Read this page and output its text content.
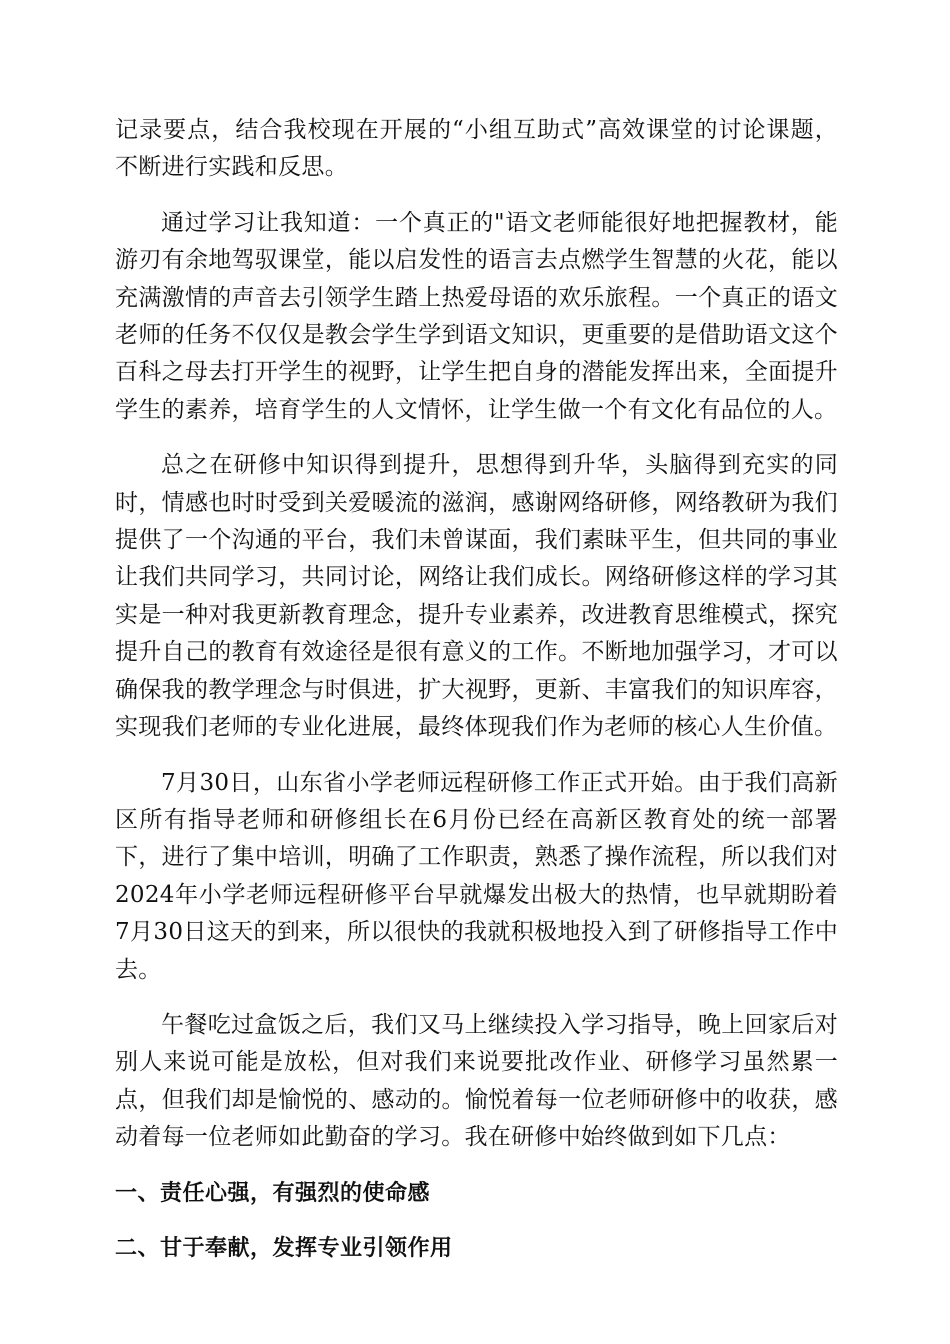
记录要点，结合我校现在开展的“小组互助式”高效课堂的讨论课题，不断进行实践和反思。

通过学习让我知道：一个真正的"语文老师能很好地把握教材，能游刃有余地驾驭课堂，能以启发性的语言去点燃学生智慧的火花，能以充满激情的声音去引领学生踏上热爱母语的欢乐旅程。一个真正的语文老师的任务不仅仅是教会学生学到语文知识，更重要的是借助语文这个百科之母去打开学生的视野，让学生把自身的潜能发挥出来，全面提升学生的素养，培育学生的人文情怀，让学生做一个有文化有品位的人。

总之在研修中知识得到提升，思想得到升华，头脑得到充实的同时，情感也时时受到关爱暖流的滋润，感谢网络研修，网络教研为我们提供了一个沟通的平台，我们未曾谋面，我们素昧平生，但共同的事业让我们共同学习，共同讨论，网络让我们成长。网络研修这样的学习其实是一种对我更新教育理念，提升专业素养，改进教育思维模式，探究提升自己的教育有效途径是很有意义的工作。不断地加强学习，才可以确保我的教学理念与时俱进，扩大视野，更新、丰富我们的知识库容，实现我们老师的专业化进展，最终体现我们作为老师的核心人生价值。

7月30日，山东省小学老师远程研修工作正式开始。由于我们高新区所有指导老师和研修组长在6月份已经在高新区教育处的统一部署下，进行了集中培训，明确了工作职责，熟悉了操作流程，所以我们对2024年小学老师远程研修平台早就爆发出极大的热情，也早就期盼着7月30日这天的到来，所以很快的我就积极地投入到了研修指导工作中去。

午餐吃过盒饭之后，我们又马上继续投入学习指导，晚上回家后对别人来说可能是放松，但对我们来说要批改作业、研修学习虽然累一点，但我们却是愉悦的、感动的。愉悦着每一位老师研修中的收获，感动着每一位老师如此勤奋的学习。我在研修中始终做到如下几点：

一、责任心强，有强烈的使命感
二、甘于奉献，发挥专业引领作用
